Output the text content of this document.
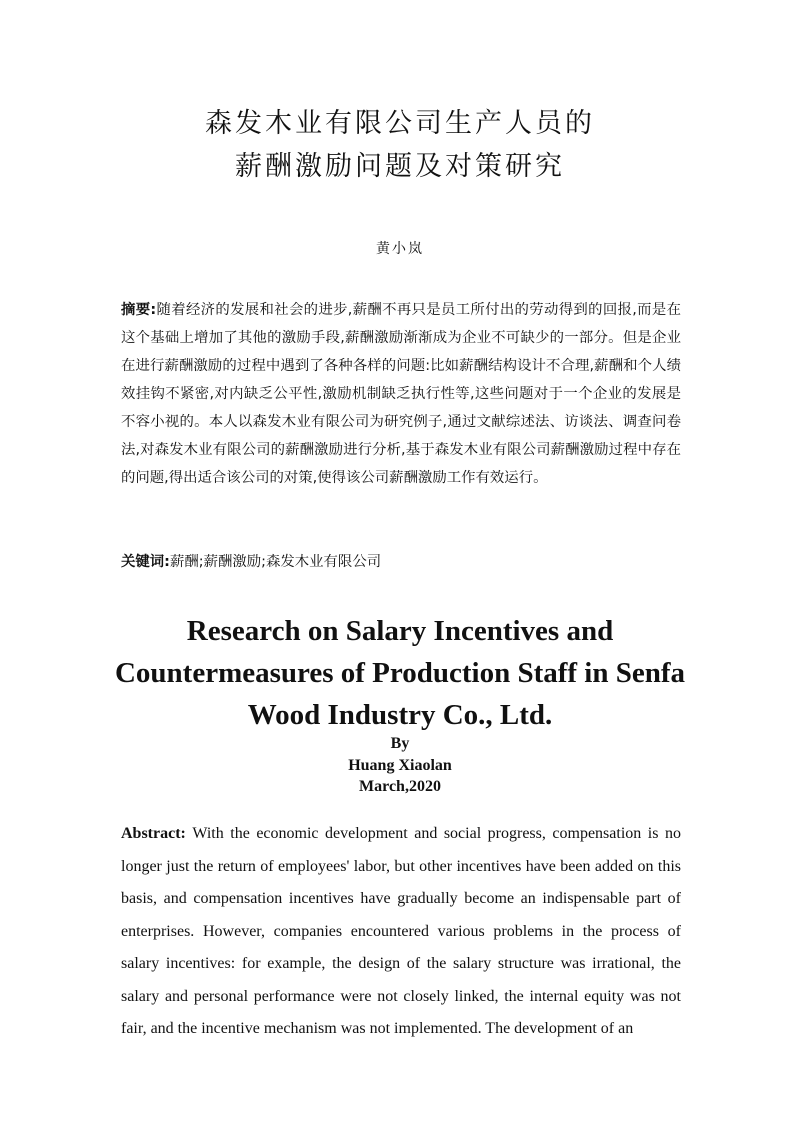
森发木业有限公司生产人员的
薪酬激励问题及对策研究
黄小岚
摘要:随着经济的发展和社会的进步,薪酬不再只是员工所付出的劳动得到的回报,而是在这个基础上增加了其他的激励手段,薪酬激励渐渐成为企业不可缺少的一部分。但是企业在进行薪酬激励的过程中遇到了各种各样的问题:比如薪酬结构设计不合理,薪酬和个人绩效挂钩不紧密,对内缺乏公平性,激励机制缺乏执行性等,这些问题对于一个企业的发展是不容小视的。本人以森发木业有限公司为研究例子,通过文献综述法、访谈法、调查问卷法,对森发木业有限公司的薪酬激励进行分析,基于森发木业有限公司薪酬激励过程中存在的问题,得出适合该公司的对策,使得该公司薪酬激励工作有效运行。
关键词:薪酬;薪酬激励;森发木业有限公司
Research on Salary Incentives and Countermeasures of Production Staff in Senfa Wood Industry Co., Ltd.
By
Huang Xiaolan
March,2020
Abstract: With the economic development and social progress, compensation is no longer just the return of employees' labor, but other incentives have been added on this basis, and compensation incentives have gradually become an indispensable part of enterprises. However, companies encountered various problems in the process of salary incentives: for example, the design of the salary structure was irrational, the salary and personal performance were not closely linked, the internal equity was not fair, and the incentive mechanism was not implemented. The development of an
